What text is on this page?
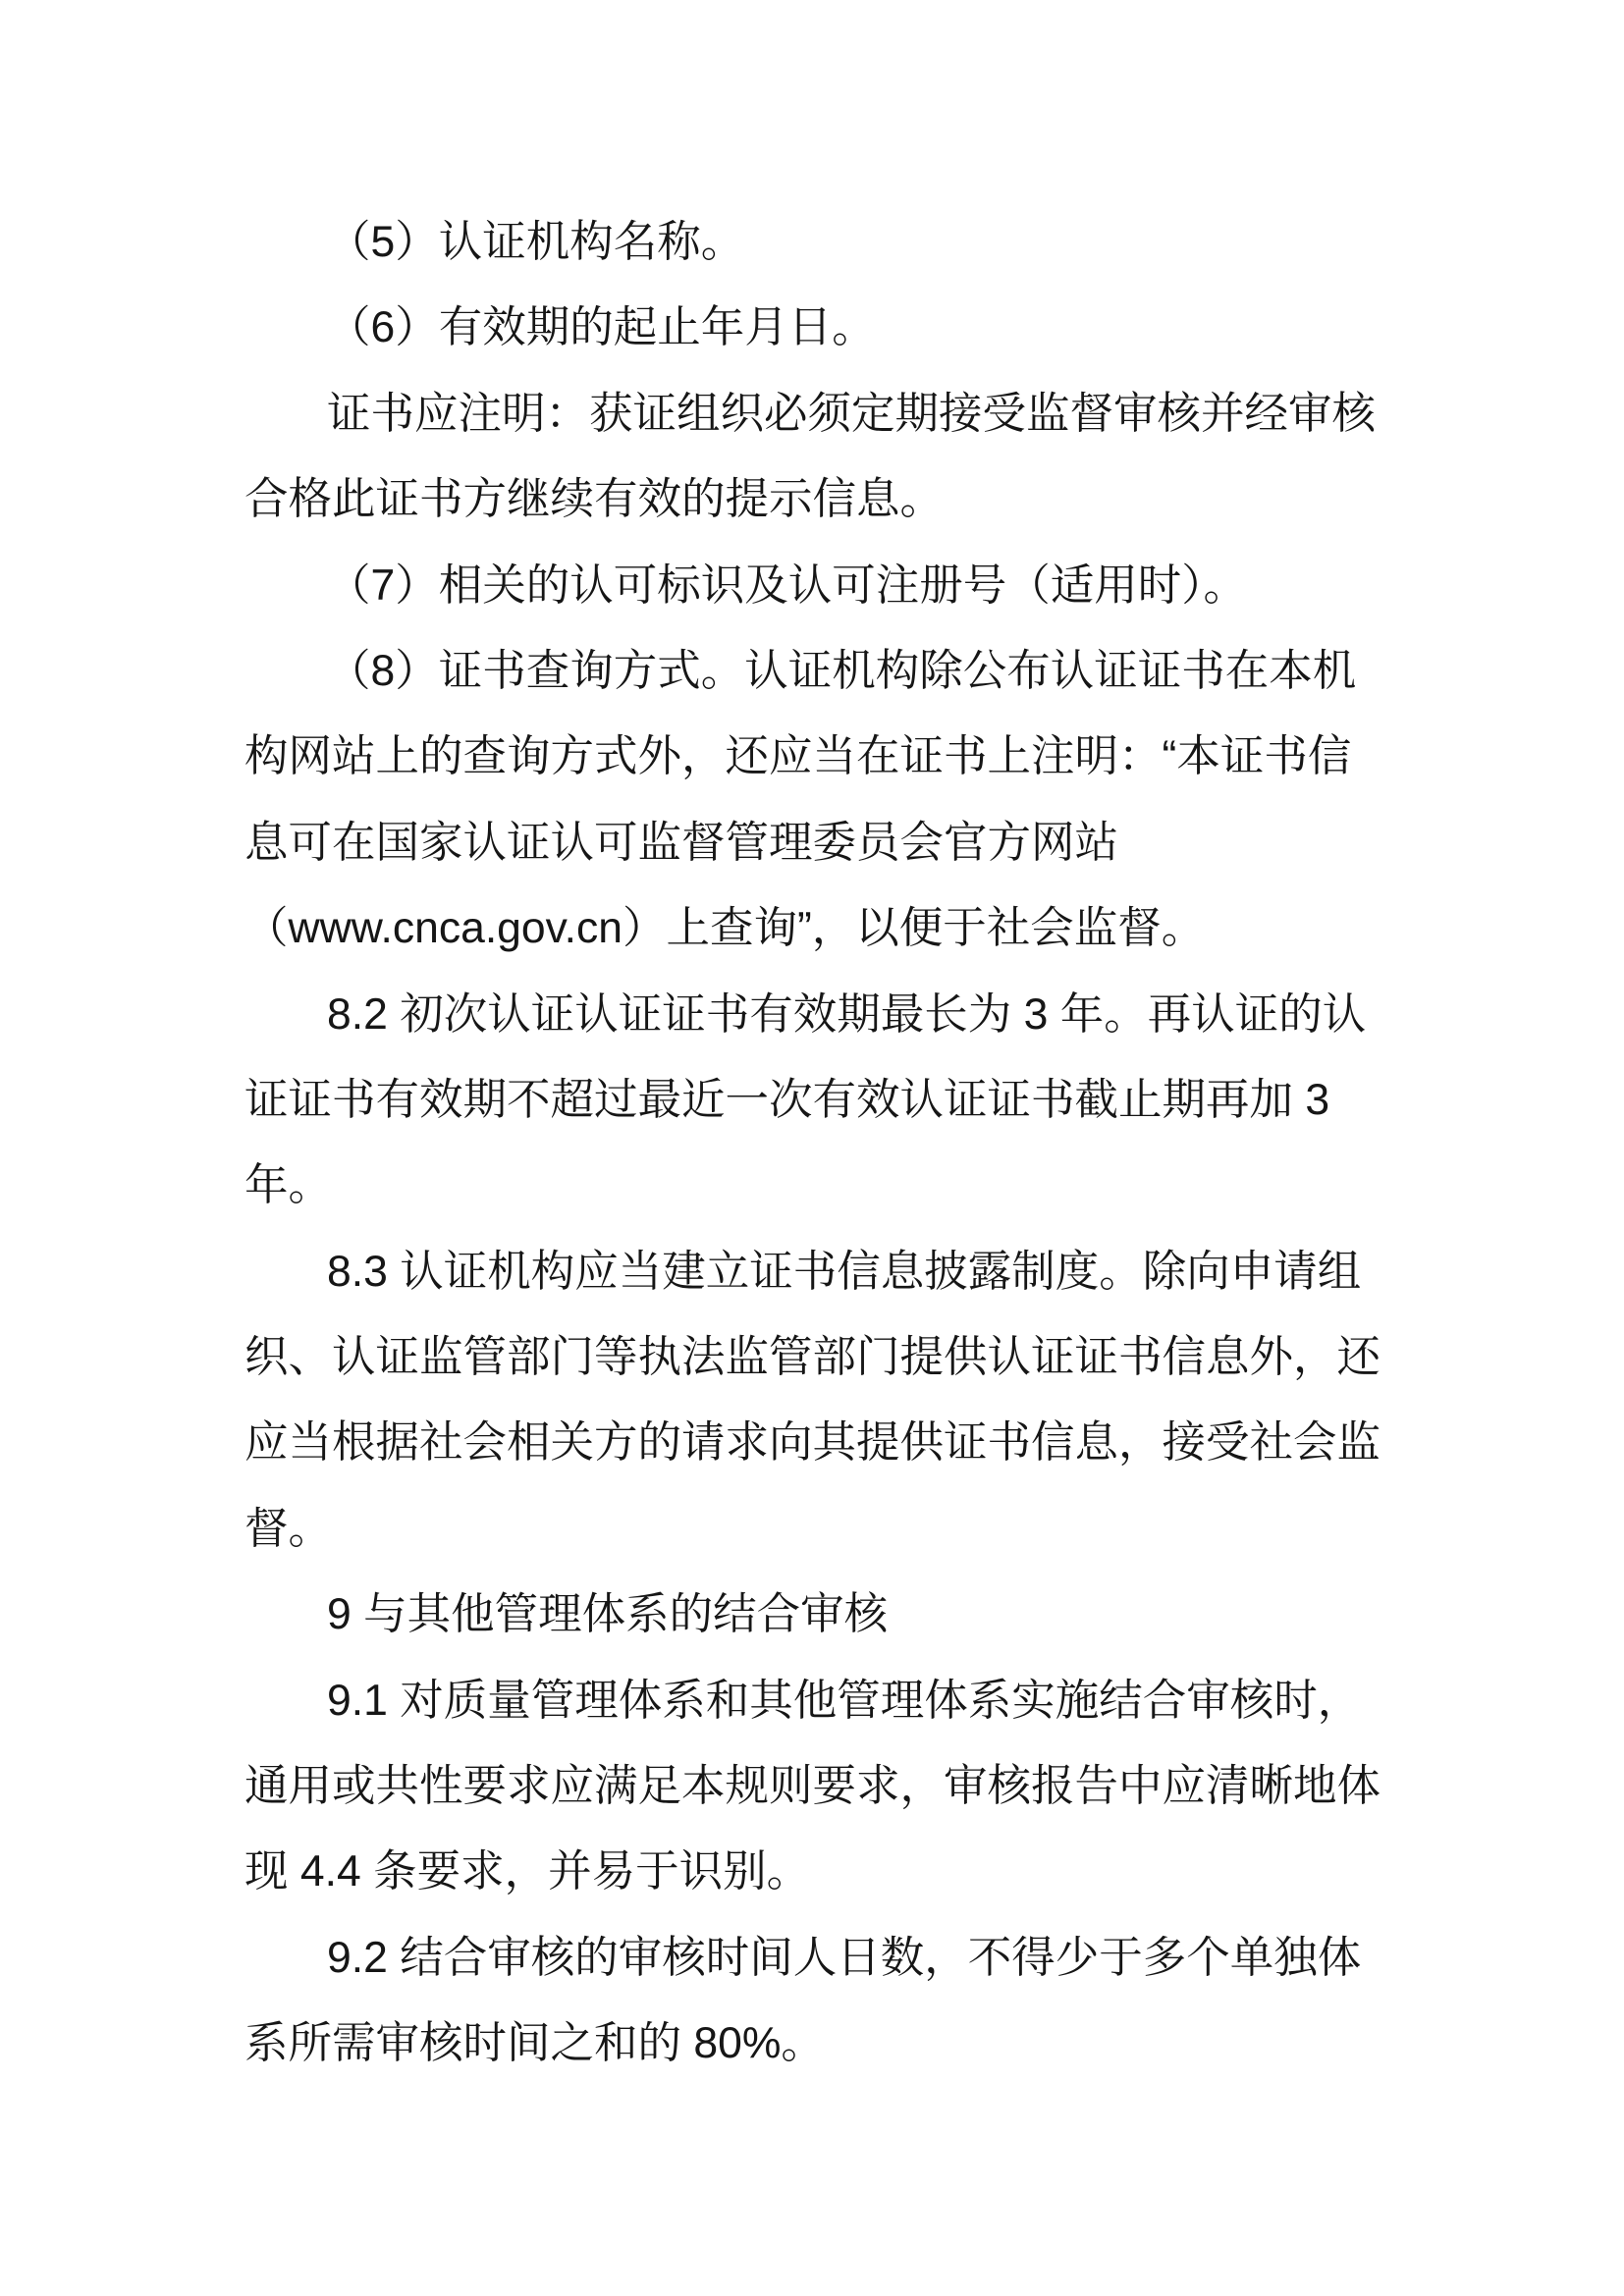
（5）认证机构名称。
（6）有效期的起止年月日。
证书应注明：获证组织必须定期接受监督审核并经审核
合格此证书方继续有效的提示信息。
（7）相关的认可标识及认可注册号（适用时）。
（8）证书查询方式。认证机构除公布认证证书在本机
构网站上的查询方式外，还应当在证书上注明：“本证书信
息可在国家认证认可监督管理委员会官方网站
（www.cnca.gov.cn）上查询”，以便于社会监督。
8.2 初次认证认证证书有效期最长为 3 年。再认证的认
证证书有效期不超过最近一次有效认证证书截止期再加 3
年。
8.3 认证机构应当建立证书信息披露制度。除向申请组
织、认证监管部门等执法监管部门提供认证证书信息外，还
应当根据社会相关方的请求向其提供证书信息，接受社会监
督。
9 与其他管理体系的结合审核
9.1 对质量管理体系和其他管理体系实施结合审核时，
通用或共性要求应满足本规则要求，审核报告中应清晰地体
现 4.4 条要求，并易于识别。
9.2 结合审核的审核时间人日数，不得少于多个单独体
系所需审核时间之和的 80%。
